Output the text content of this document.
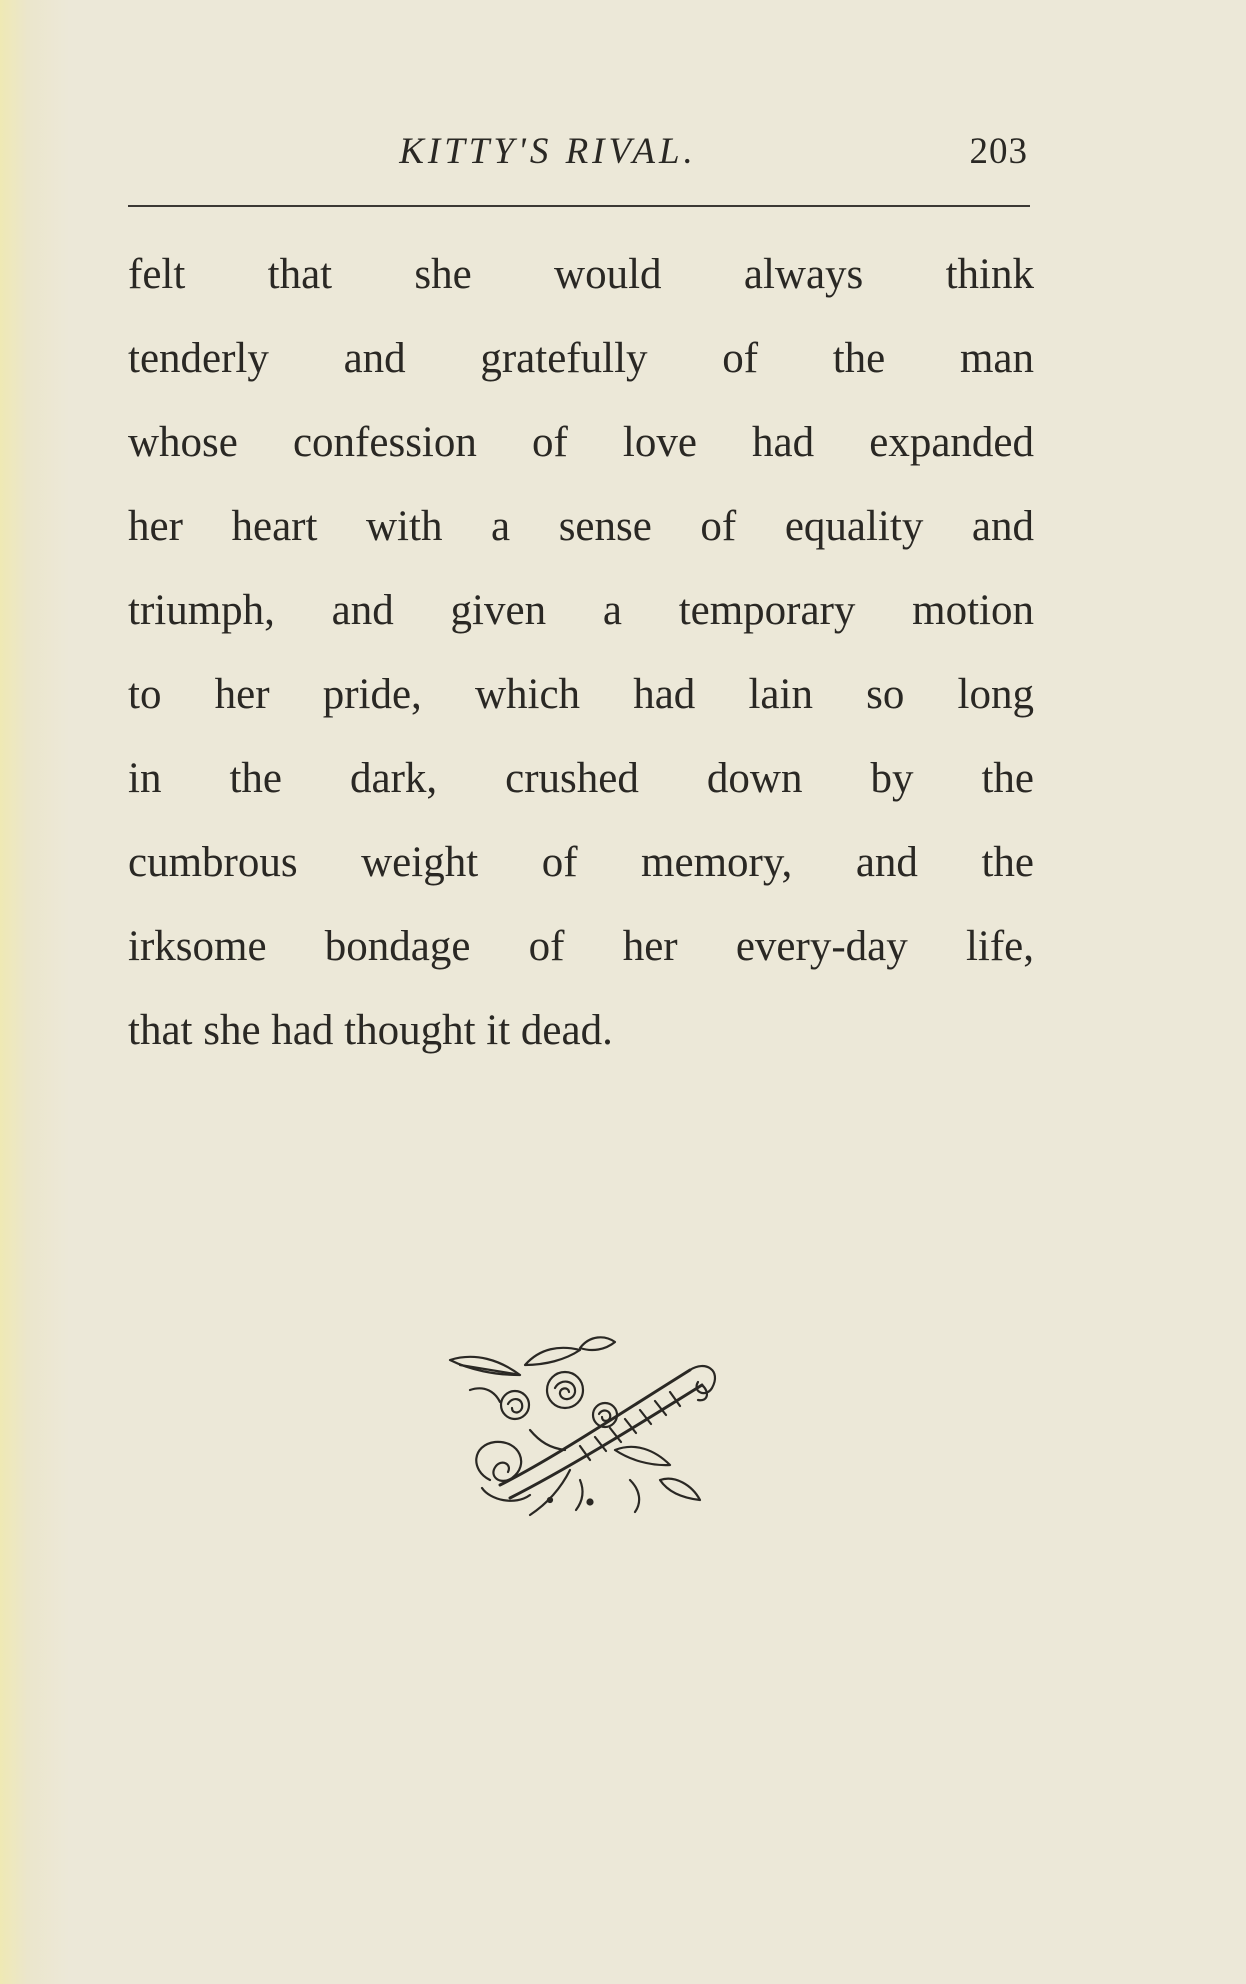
KITTY'S RIVAL.	203
felt that she would always think
tenderly and gratefully of the man
whose confession of love had expanded
her heart with a sense of equality and
triumph, and given a temporary motion
to her pride, which had lain so long
in the dark, crushed down by the
cumbrous weight of memory, and the
irksome bondage of her every-day life,
that she had thought it dead.
